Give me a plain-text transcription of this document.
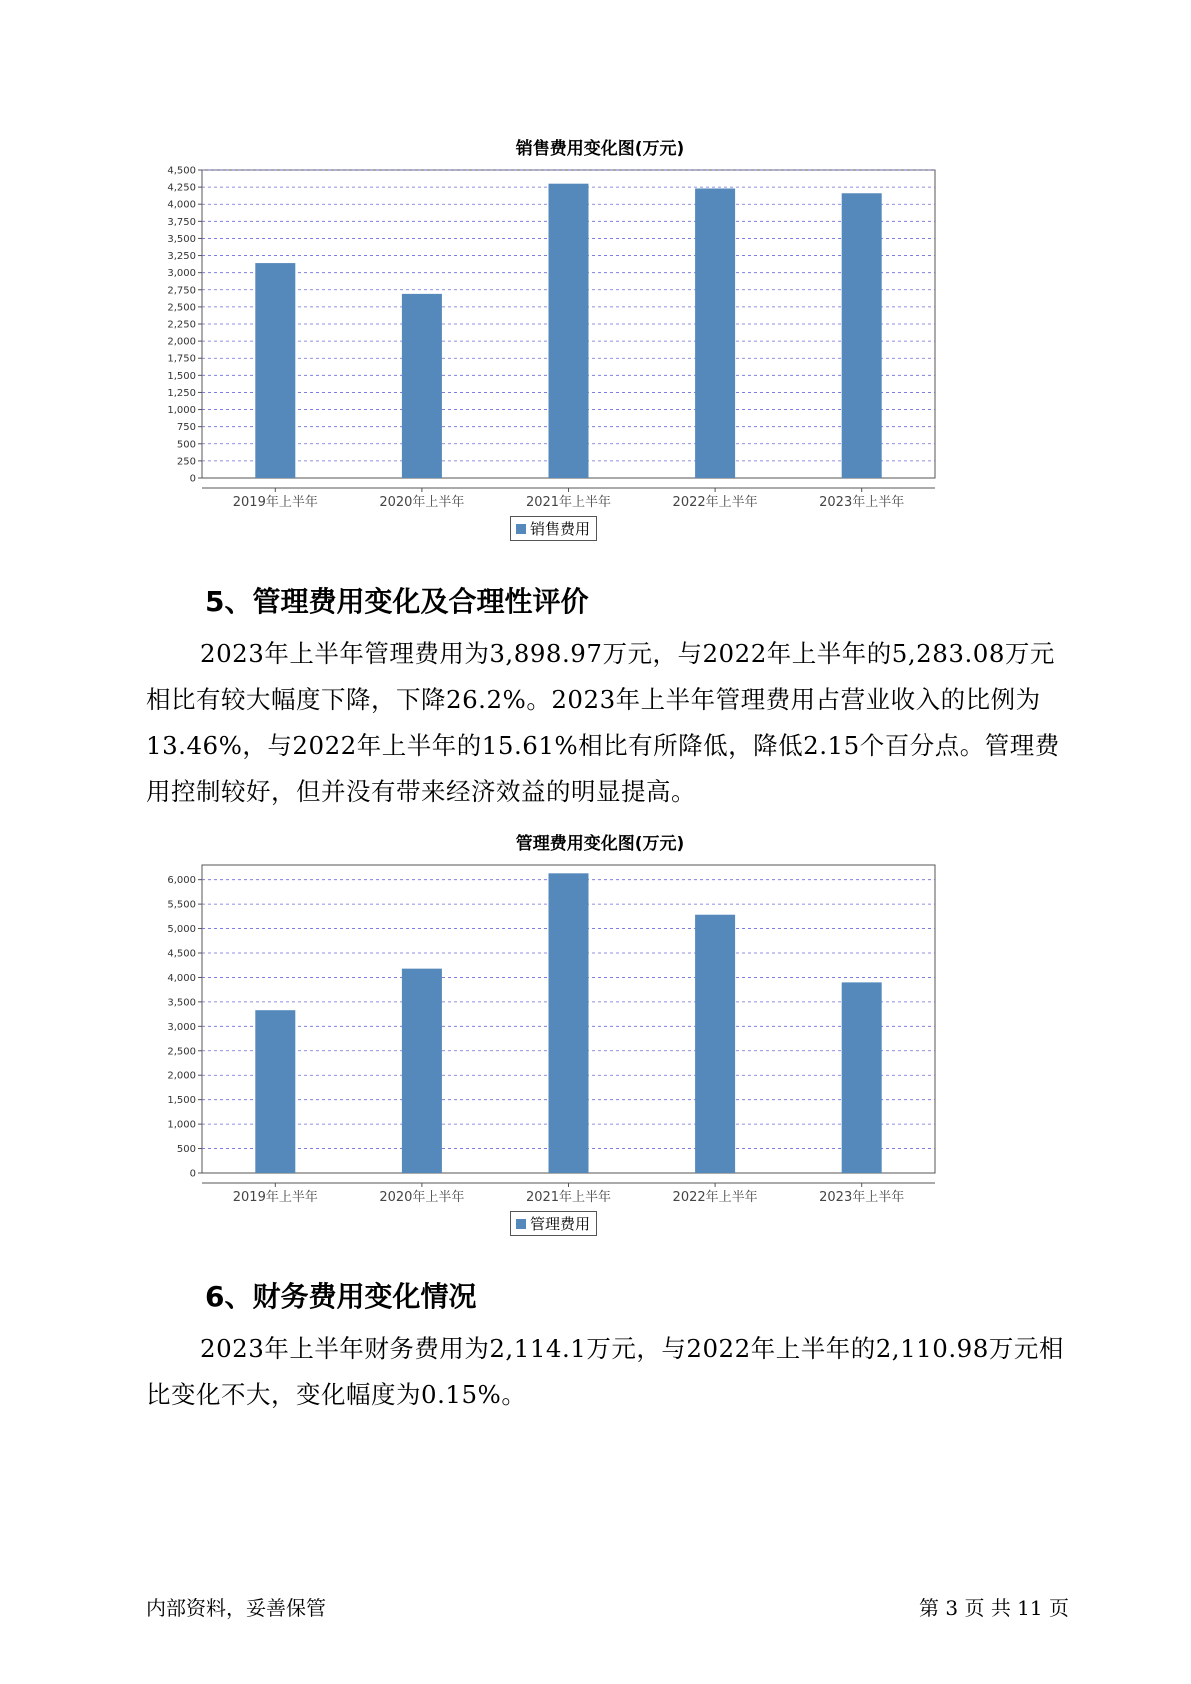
销售费用变化图(万元)
0
250
500
750
1,000
1,250
1,500
1,750
2,000
2,250
2,500
2,750
3,000
3,250
3,500
3,750
4,000
4,250
4,500
2019年上半年	2020年上半年	2021年上半年	2022年上半年	2023年上半年
销售费用
5、管理费用变化及合理性评价
2023年上半年管理费用为3,898.97万元，与2022年上半年的5,283.08万元相比有较大幅度下降，下降26.2%。2023年上半年管理费用占营业收入的比例为13.46%，与2022年上半年的15.61%相比有所降低，降低2.15个百分点。管理费用控制较好，但并没有带来经济效益的明显提高。
管理费用变化图(万元)
0
500
1,000
1,500
2,000
2,500
3,000
3,500
4,000
4,500
5,000
5,500
6,000
2019年上半年	2020年上半年	2021年上半年	2022年上半年	2023年上半年
管理费用
6、财务费用变化情况
2023年上半年财务费用为2,114.1万元，与2022年上半年的2,110.98万元相比变化不大，变化幅度为0.15%。
内部资料，妥善保管	第 3 页 共 11 页
